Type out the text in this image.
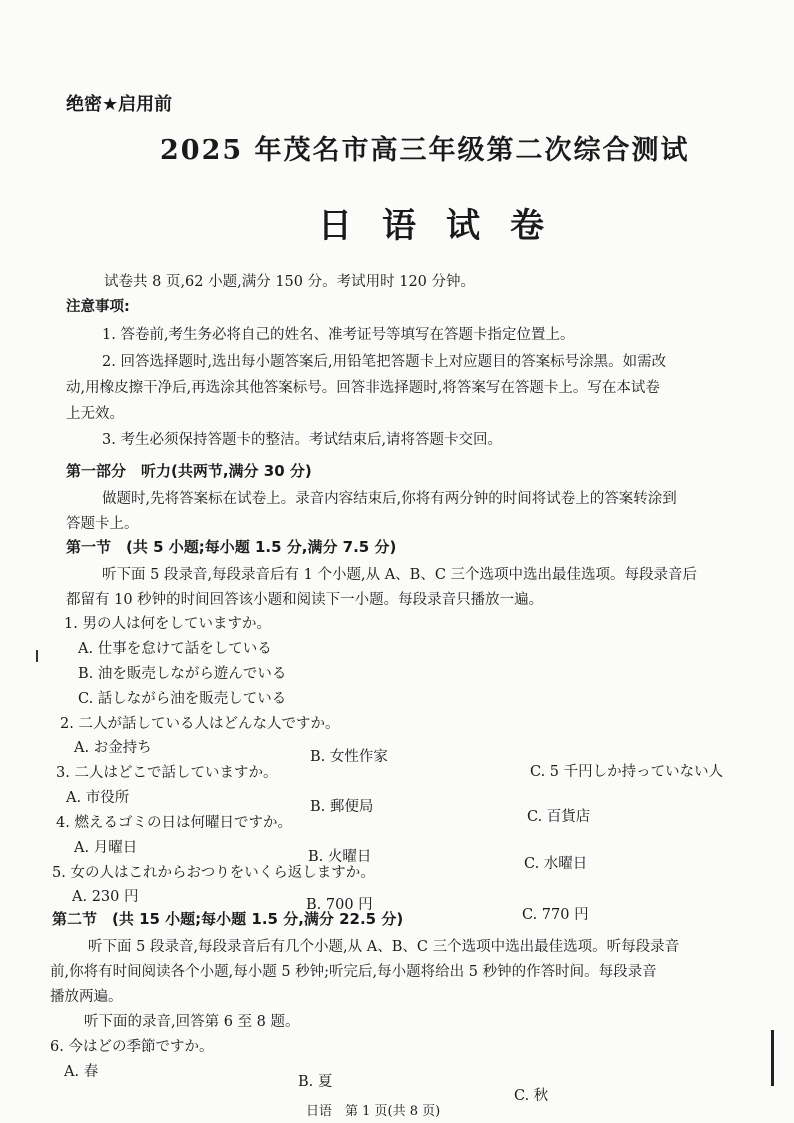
绝密★启用前
2025 年茂名市高三年级第二次综合测试
日语试卷
试卷共 8 页,62 小题,满分 150 分。考试用时 120 分钟。
注意事项:
1. 答卷前,考生务必将自己的姓名、准考证号等填写在答题卡指定位置上。
2. 回答选择题时,选出每小题答案后,用铅笔把答题卡上对应题目的答案标号涂黑。如需改
动,用橡皮擦干净后,再选涂其他答案标号。回答非选择题时,将答案写在答题卡上。写在本试卷
上无效。
3. 考生必须保持答题卡的整洁。考试结束后,请将答题卡交回。
第一部分　听力(共两节,满分 30 分)
做题时,先将答案标在试卷上。录音内容结束后,你将有两分钟的时间将试卷上的答案转涂到
答题卡上。
第一节　(共 5 小题;每小题 1.5 分,满分 7.5 分)
听下面 5 段录音,每段录音后有 1 个小题,从 A、B、C 三个选项中选出最佳选项。每段录音后
都留有 10 秒钟的时间回答该小题和阅读下一小题。每段录音只播放一遍。
1. 男の人は何をしていますか。
A. 仕事を怠けて話をしている
B. 油を販売しながら遊んでいる
C. 話しながら油を販売している
2. 二人が話している人はどんな人ですか。
A. お金持ち
B. 女性作家
C. 5 千円しか持っていない人
3. 二人はどこで話していますか。
A. 市役所
B. 郵便局
C. 百貨店
4. 燃えるゴミの日は何曜日ですか。
A. 月曜日
B. 火曜日	C. 水曜日
5. 女の人はこれからおつりをいくら返しますか。
A. 230 円	B. 700 円
C. 770 円
第二节　(共 15 小题;每小题 1.5 分,满分 22.5 分)
听下面 5 段录音,每段录音后有几个小题,从 A、B、C 三个选项中选出最佳选项。听每段录音
前,你将有时间阅读各个小题,每小题 5 秒钟;听完后,每小题将给出 5 秒钟的作答时间。每段录音
播放两遍。
听下面的录音,回答第 6 至 8 题。
6. 今はどの季節ですか。
A. 春
B. 夏
C. 秋
日语　第 1 页(共 8 页)
